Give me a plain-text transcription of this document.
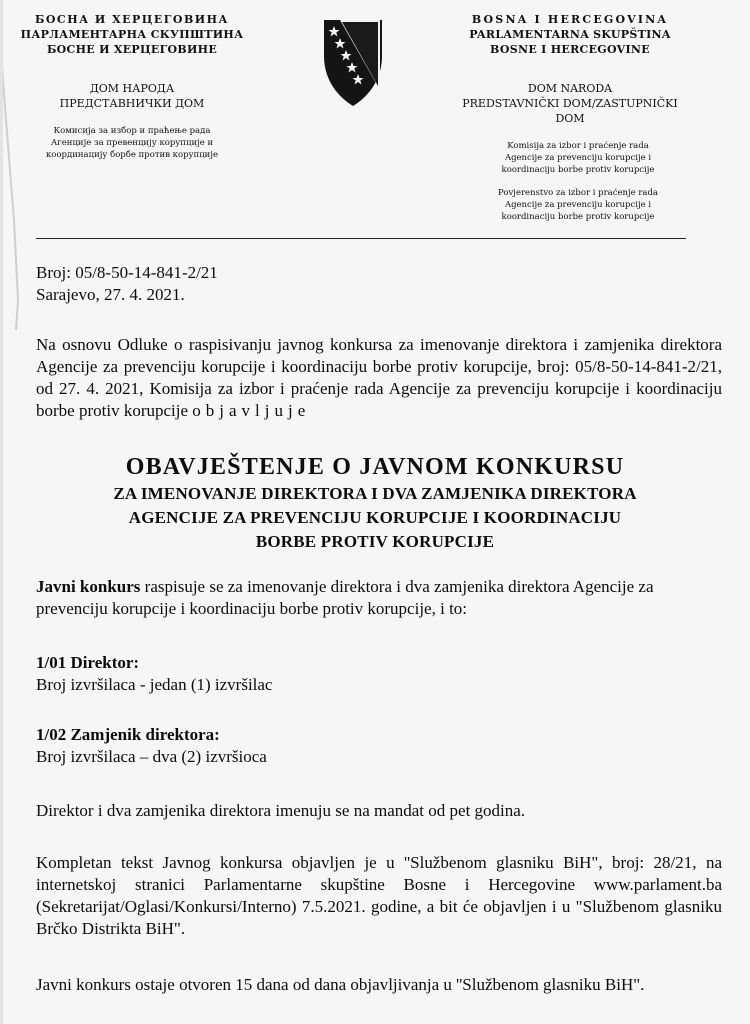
БОСНА И ХЕРЦЕГОВИНА
ПАРЛАМЕНТАРНА СКУПШТИНА
БОСНЕ И ХЕРЦЕГОВИНЕ
ДОМ НАРОДА
ПРЕДСТАВНИЧКИ ДОМ
Комисија за избор и праћење рада
Агенције за превенцију корупције и
координацију борбе против корупције
BOSNA I HERCEGOVINA
PARLAMENTARNA SKUPŠTINA
BOSNE I HERCEGOVINE
DOM NARODA
PREDSTAVNIČKI DOM/ZASTUPNIČKI DOM
Komisija za izbor i praćenje rada
Agencije za prevenciju korupcije i
koordinaciju borbe protiv korupcije
Povjerenstvo za izbor i praćenje rada
Agencije za prevenciju korupcije i
koordinaciju borbe protiv korupcije
Broj: 05/8-50-14-841-2/21
Sarajevo, 27. 4. 2021.
Na osnovu Odluke o raspisivanju javnog konkursa za imenovanje direktora i zamjenika direktora Agencije za prevenciju korupcije i koordinaciju borbe protiv korupcije, broj: 05/8-50-14-841-2/21, od 27. 4. 2021, Komisija za izbor i praćenje rada Agencije za prevenciju korupcije i koordinaciju borbe protiv korupcije objavljuje
OBAVJEŠTENJE O JAVNOM KONKURSU
ZA IMENOVANJE DIREKTORA I DVA ZAMJENIKA DIREKTORA
AGENCIJE ZA PREVENCIJU KORUPCIJE I KOORDINACIJU
BORBE PROTIV KORUPCIJE
Javni konkurs raspisuje se za imenovanje direktora i dva zamjenika direktora Agencije za prevenciju korupcije i koordinaciju borbe protiv korupcije, i to:
1/01 Direktor:
Broj izvršilaca - jedan (1) izvršilac
1/02 Zamjenik direktora:
Broj izvršilaca – dva (2) izvršioca
Direktor i dva zamjenika direktora imenuju se na mandat od pet godina.
Kompletan tekst Javnog konkursa objavljen je u ''Službenom glasniku BiH", broj: 28/21, na internetskoj stranici Parlamentarne skupštine Bosne i Hercegovine www.parlament.ba (Sekretarijat/Oglasi/Konkursi/Interno) 7.5.2021. godine, a bit će objavljen i u "Službenom glasniku Brčko Distrikta BiH".
Javni konkurs ostaje otvoren 15 dana od dana objavljivanja u ''Službenom glasniku BiH".
